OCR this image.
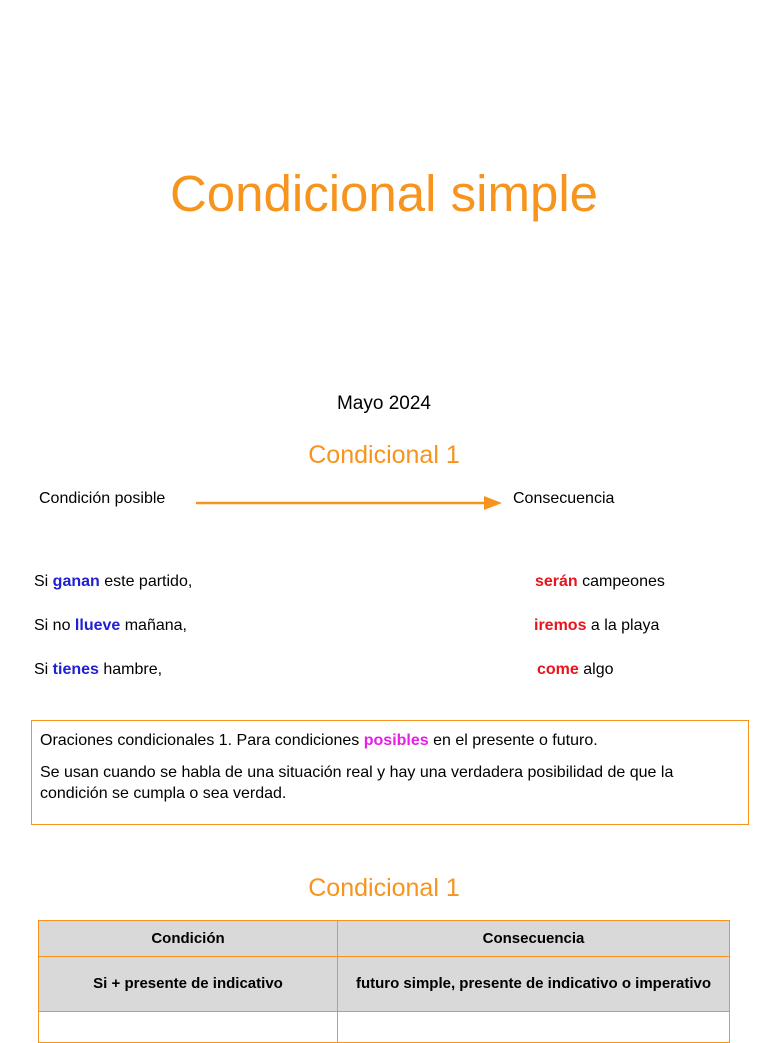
Condicional simple
Mayo 2024
Condicional 1
Condición posible	Consecuencia
Si ganan este partido,	serán campeones
Si no llueve mañana,	iremos a la playa
Si tienes hambre,	come algo

Oraciones condicionales 1. Para condiciones posibles en el presente o futuro.

Se usan cuando se habla de una situación real y hay una verdadera posibilidad de que la condición se cumpla o sea verdad.

Condicional 1
Condición	Consecuencia
Si + presente de indicativo	futuro simple, presente de indicativo o imperativo
